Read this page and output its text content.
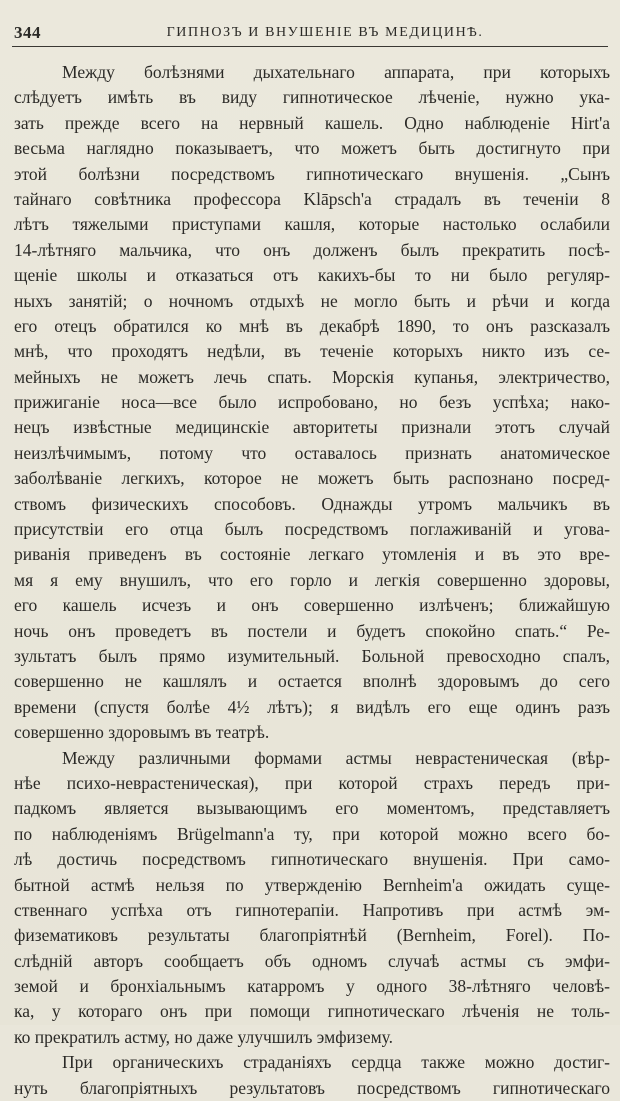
344	ГИПНОЗЪ И ВНУШЕНІЕ ВЪ МЕДИЦИНѢ.
Между болѣзнями дыхательнаго аппарата, при которыхъ
слѣдуетъ имѣть въ виду гипнотическое лѣченіе, нужно ука-
зать прежде всего на нервный кашель. Одно наблюденіе Hirt'а
весьма наглядно показываетъ, что можетъ быть достигнуто при
этой болѣзни посредствомъ гипнотическаго внушенія. „Сынъ
тайнаго совѣтника профессора Klāpsch'а страдалъ въ теченіи 8
лѣтъ тяжелыми приступами кашля, которые настолько ослабили
14-лѣтняго мальчика, что онъ долженъ былъ прекратить посѣ-
щеніе школы и отказаться отъ какихъ-бы то ни было регуляр-
ныхъ занятій; о ночномъ отдыхѣ не могло быть и рѣчи и когда
его отецъ обратился ко мнѣ въ декабрѣ 1890, то онъ разсказалъ
мнѣ, что проходятъ недѣли, въ теченіе которыхъ никто изъ се-
мейныхъ не можетъ лечь спать. Морскія купанья, электричество,
прижиганіе носа—все было испробовано, но безъ успѣха; нако-
нецъ извѣстные медицинскіе авторитеты признали этотъ случай
неизлѣчимымъ, потому что оставалось признать анатомическое
заболѣваніе легкихъ, которое не можетъ быть распознано посред-
ствомъ физическихъ способовъ. Однажды утромъ мальчикъ въ
присутствіи его отца былъ посредствомъ поглаживаній и угова-
риванія приведенъ въ состояніе легкаго утомленія и въ это вре-
мя я ему внушилъ, что его горло и легкія совершенно здоровы,
его кашель исчезъ и онъ совершенно излѣченъ; ближайшую
ночь онъ проведетъ въ постели и будетъ спокойно спать.“ Ре-
зультатъ былъ прямо изумительный. Больной превосходно спалъ,
совершенно не кашлялъ и остается вполнѣ здоровымъ до сего
времени (спустя болѣе 4½ лѣтъ); я видѣлъ его еще одинъ разъ
совершенно здоровымъ въ театрѣ.
Между различными формами астмы неврастеническая (вѣр-
нѣе психо-неврастеническая), при которой страхъ передъ при-
падкомъ является вызывающимъ его моментомъ, представляетъ
по наблюденіямъ Brügelmann'а ту, при которой можно всего бо-
лѣ достичь посредствомъ гипнотическаго внушенія. При само-
бытной астмѣ нельзя по утвержденію Bernheim'а ожидать суще-
ственнаго успѣха отъ гипнотерапіи. Напротивъ при астмѣ эм-
физематиковъ результаты благопріятнѣй (Bernheim, Forel). По-
слѣдній авторъ сообщаетъ объ одномъ случаѣ астмы съ эмфи-
земой и бронхіальнымъ катарромъ у одного 38-лѣтняго человѣ-
ка, у котораго онъ при помощи гипнотическаго лѣченія не толь-
ко прекратилъ астму, но даже улучшилъ эмфизему.
При органическихъ страданіяхъ сердца также можно достиг-
нуть благопріятныхъ результатовъ посредствомъ гипнотическаго
